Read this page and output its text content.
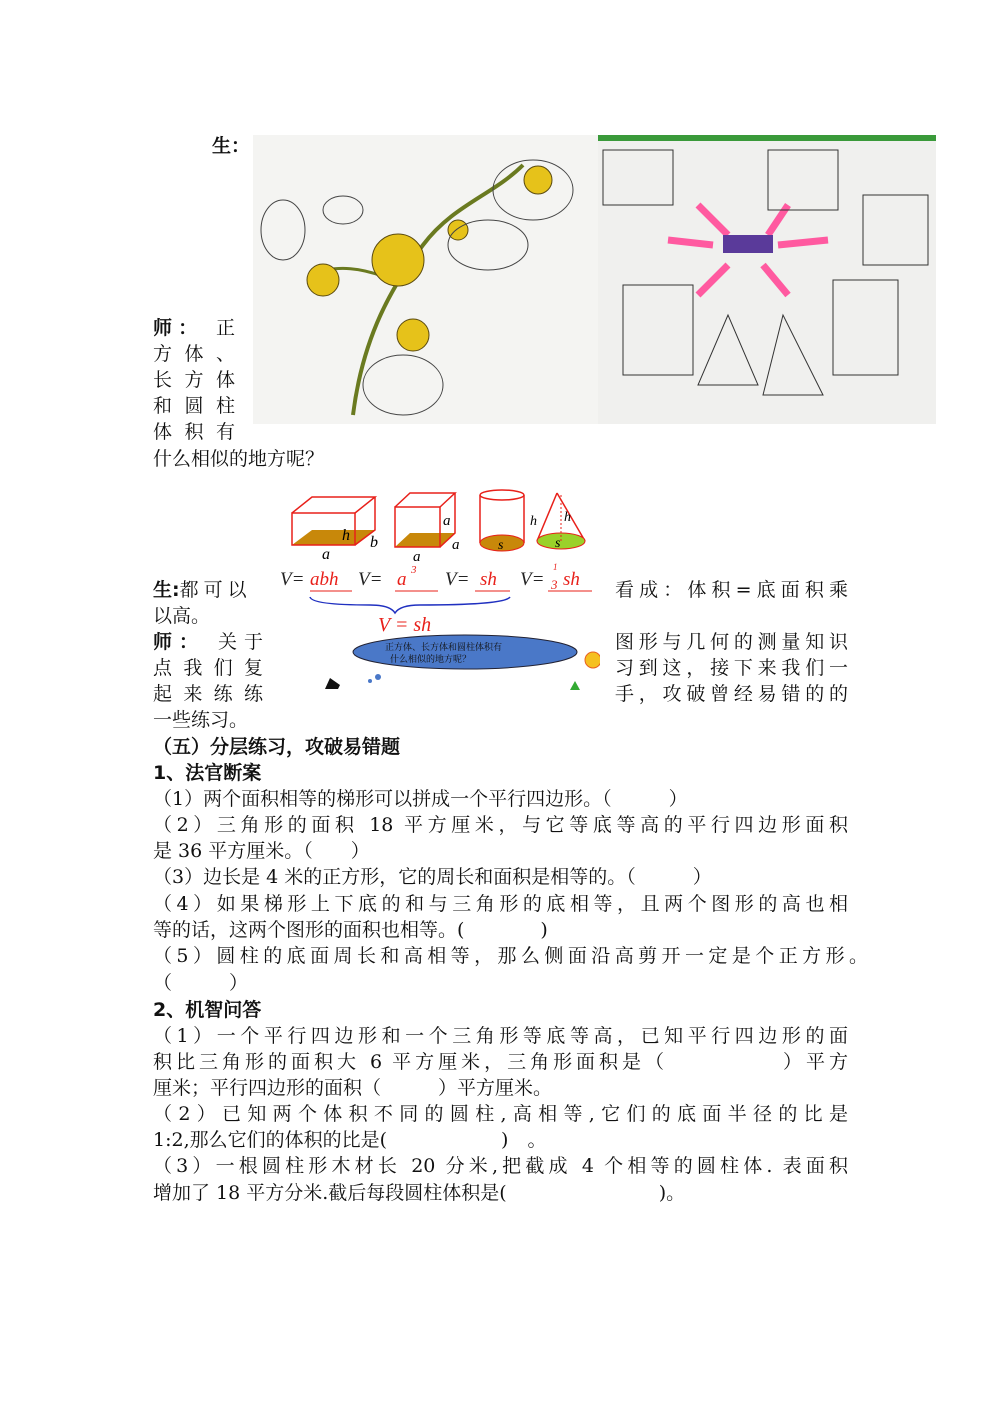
生：
师： 正
方体、
长方体
和圆柱
体积有
什么相似的地方呢？
h b
a
a
a
a
s
h
s
h
V= abh V= a 3 V= sh V=
1
3 sh
V = sh
正方体、长方体和圆柱体积有
什么相似的地方呢？
生:都可以
以高。
看成：体积=底面积乘
师： 关于
点我们复
起来练练
一些练习。
图形与几何的测量知识
习到这，接下来我们一
手，攻破曾经易错的的
（五）分层练习，攻破易错题
1、法官断案
（1）两个面积相等的梯形可以拼成一个平行四边形。（　　　）
（2）三角形的面积 18 平方厘米，与它等底等高的平行四边形面积
是 36 平方厘米。（　　）
（3）边长是 4 米的正方形，它的周长和面积是相等的。（　　　）
（4）如果梯形上下底的和与三角形的底相等，且两个图形的高也相
等的话，这两个图形的面积也相等。(　　　　)
（5）圆柱的底面周长和高相等，那么侧面沿高剪开一定是个正方形。
（　　　）
2、机智问答
（1）一个平行四边形和一个三角形等底等高，已知平行四边形的面
积比三角形的面积大 6 平方厘米，三角形面积是（　　　　　）平方
厘米；平行四边形的面积（　　　）平方厘米。
（2）已知两个体积不同的圆柱,高相等,它们的底面半径的比是
1:2,那么它们的体积的比是(　　　　　　)　。
（3）一根圆柱形木材长 20 分米,把截成 4 个相等的圆柱体. 表面积
增加了 18 平方分米.截后每段圆柱体积是(　　　　　　　　)。
